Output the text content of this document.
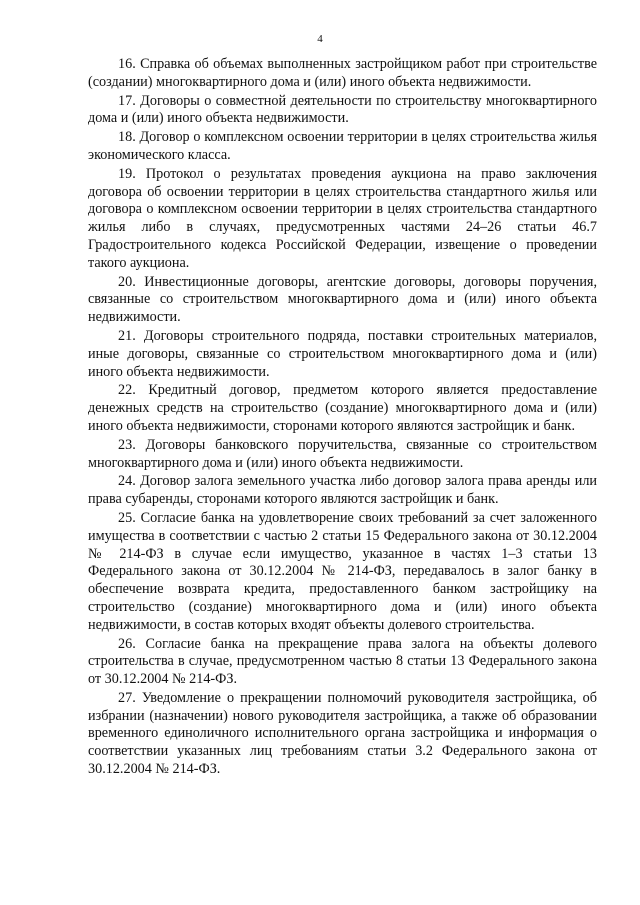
4

16. Справка об объемах выполненных застройщиком работ при строительстве (создании) многоквартирного дома и (или) иного объекта недвижимости.

17. Договоры о совместной деятельности по строительству многоквартирного дома и (или) иного объекта недвижимости.

18. Договор о комплексном освоении территории в целях строительства жилья экономического класса.

19. Протокол о результатах проведения аукциона на право заключения договора об освоении территории в целях строительства стандартного жилья или договора о комплексном освоении территории в целях строительства стандартного жилья либо в случаях, предусмотренных частями 24–26 статьи 46.7 Градостроительного кодекса Российской Федерации, извещение о проведении такого аукциона.

20. Инвестиционные договоры, агентские договоры, договоры поручения, связанные со строительством многоквартирного дома и (или) иного объекта недвижимости.

21. Договоры строительного подряда, поставки строительных материалов, иные договоры, связанные со строительством многоквартирного дома и (или) иного объекта недвижимости.

22. Кредитный договор, предметом которого является предоставление денежных средств на строительство (создание) многоквартирного дома и (или) иного объекта недвижимости, сторонами которого являются застройщик и банк.

23. Договоры банковского поручительства, связанные со строительством многоквартирного дома и (или) иного объекта недвижимости.

24. Договор залога земельного участка либо договор залога права аренды или права субаренды, сторонами которого являются застройщик и банк.

25. Согласие банка на удовлетворение своих требований за счет заложенного имущества в соответствии с частью 2 статьи 15 Федерального закона от 30.12.2004 № 214-ФЗ в случае если имущество, указанное в частях 1–3 статьи 13 Федерального закона от 30.12.2004 № 214-ФЗ, передавалось в залог банку в обеспечение возврата кредита, предоставленного банком застройщику на строительство (создание) многоквартирного дома и (или) иного объекта недвижимости, в состав которых входят объекты долевого строительства.

26. Согласие банка на прекращение права залога на объекты долевого строительства в случае, предусмотренном частью 8 статьи 13 Федерального закона от 30.12.2004 № 214-ФЗ.

27. Уведомление о прекращении полномочий руководителя застройщика, об избрании (назначении) нового руководителя застройщика, а также об образовании временного единоличного исполнительного органа застройщика и информация о соответствии указанных лиц требованиям статьи 3.2 Федерального закона от 30.12.2004 № 214-ФЗ.
